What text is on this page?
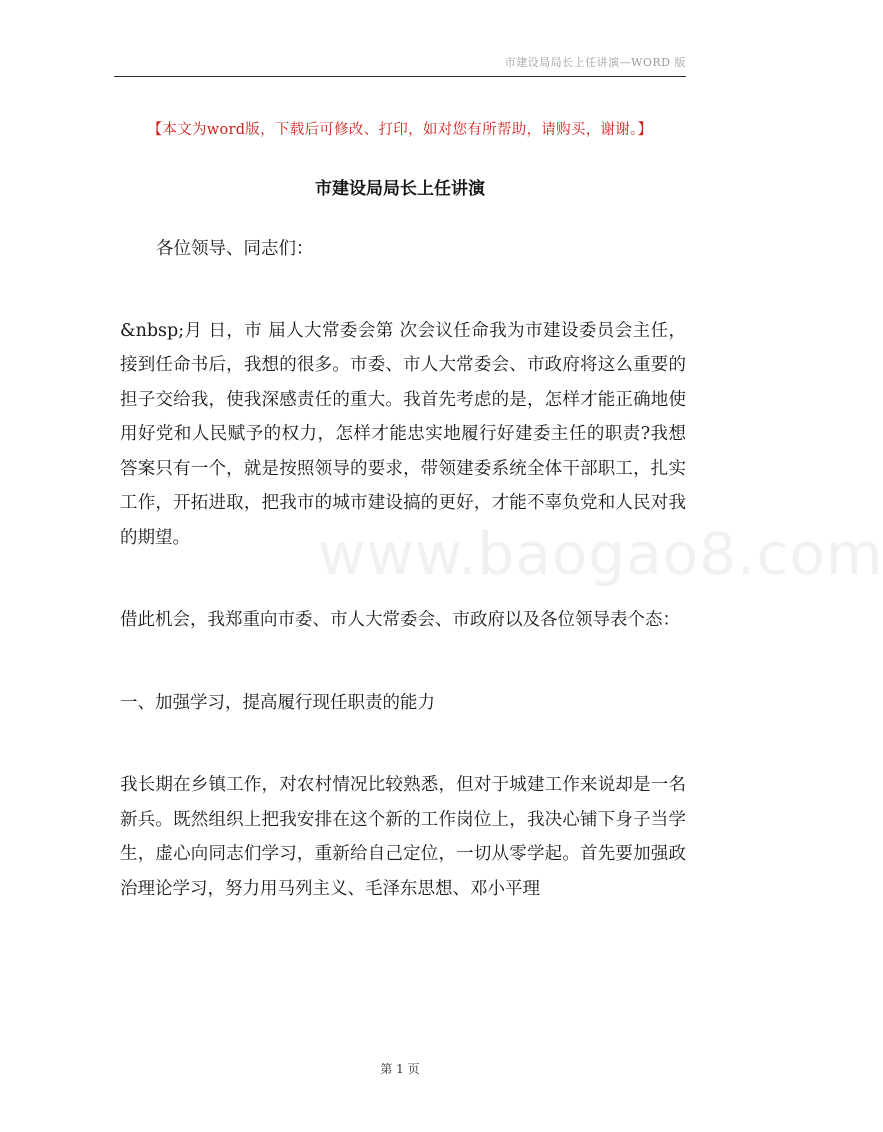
市建设局局长上任讲演—WORD 版
【本文为word版，下载后可修改、打印，如对您有所帮助，请购买，谢谢。】
市建设局局长上任讲演

各位领导、同志们：

&nbsp;月 日，市 届人大常委会第 次会议任命我为市建设委员会主任，接到任命书后，我想的很多。市委、市人大常委会、市政府将这么重要的担子交给我，使我深感责任的重大。我首先考虑的是，怎样才能正确地使用好党和人民赋予的权力，怎样才能忠实地履行好建委主任的职责?我想答案只有一个，就是按照领导的要求，带领建委系统全体干部职工，扎实工作，开拓进取，把我市的城市建设搞的更好，才能不辜负党和人民对我的期望。

借此机会，我郑重向市委、市人大常委会、市政府以及各位领导表个态：

一、加强学习，提高履行现任职责的能力

我长期在乡镇工作，对农村情况比较熟悉，但对于城建工作来说却是一名新兵。既然组织上把我安排在这个新的工作岗位上，我决心铺下身子当学生，虚心向同志们学习，重新给自己定位，一切从零学起。首先要加强政治理论学习，努力用马列主义、毛泽东思想、邓小平理

www.baogao8.com
第 1 页
